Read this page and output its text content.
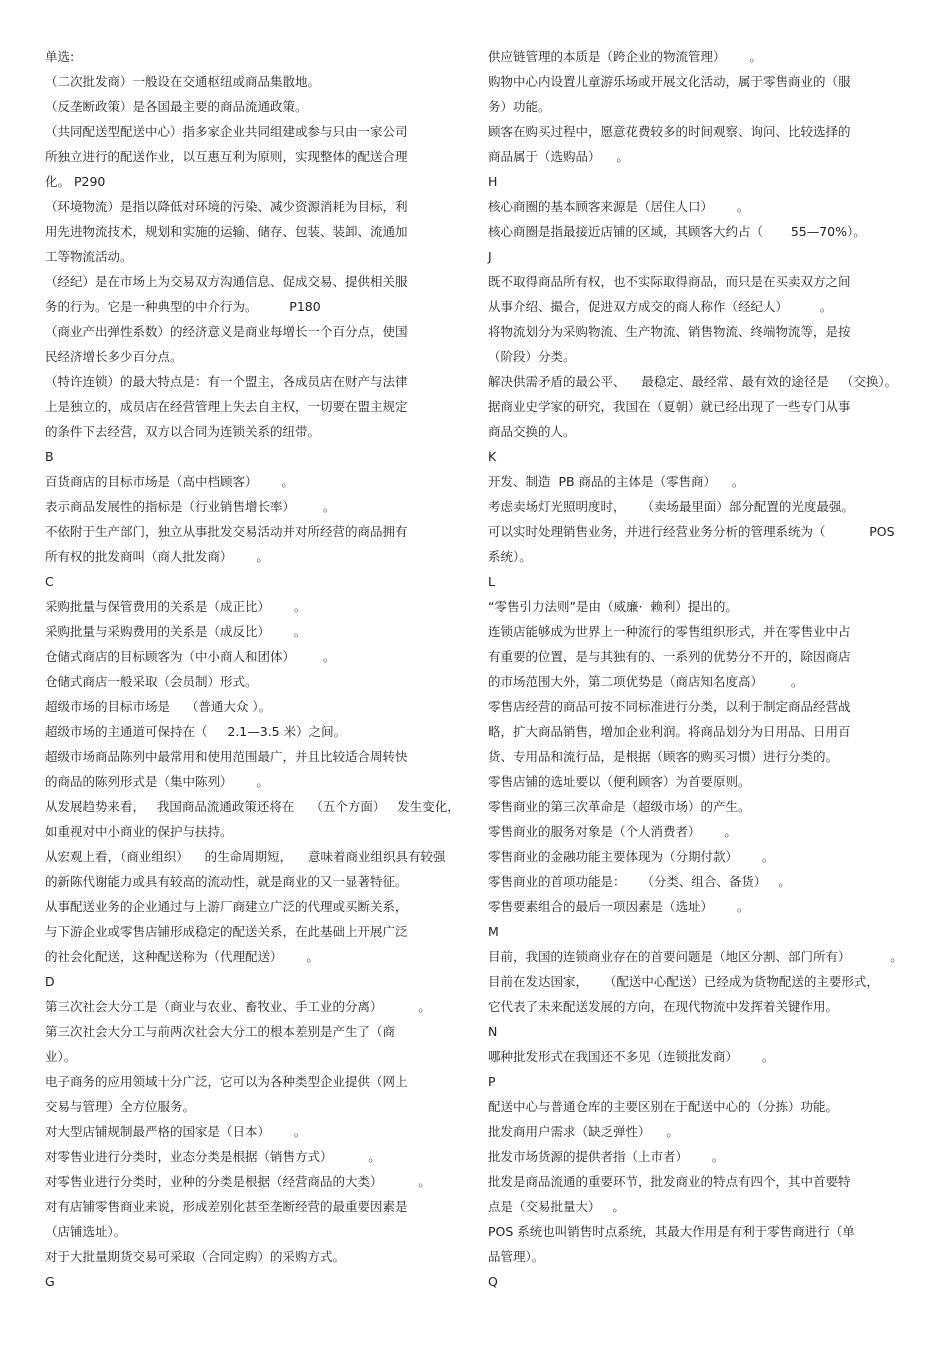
单选:
（二次批发商）一般设在交通枢纽或商品集散地。
（反垄断政策）是各国最主要的商品流通政策。
（共同配送型配送中心）指多家企业共同组建或参与只由一家公司
所独立进行的配送作业，以互惠互利为原则，实现整体的配送合理
化。 P290
（环境物流）是指以降低对环境的污染、减少资源消耗为目标，利
用先进物流技术，规划和实施的运输、储存、包装、装卸、流通加
工等物流活动。
（经纪）是在市场上为交易双方沟通信息、促成交易、提供相关服
务的行为。它是一种典型的中介行为。        P180
（商业产出弹性系数）的经济意义是商业每增长一个百分点，使国
民经济增长多少百分点。
（特许连锁）的最大特点是：有一个盟主，各成员店在财产与法律
上是独立的，成员店在经营管理上失去自主权，一切要在盟主规定
的条件下去经营，双方以合同为连锁关系的纽带。
B
百货商店的目标市场是（高中档顾客）      。
表示商品发展性的指标是（行业销售增长率）       。
不依附于生产部门，独立从事批发交易活动并对所经营的商品拥有
所有权的批发商叫（商人批发商）      。
C
采购批量与保管费用的关系是（成正比）      。
采购批量与采购费用的关系是（成反比）      。
仓储式商店的目标顾客为（中小商人和团体）       。
仓储式商店一般采取（会员制）形式。
超级市场的目标市场是    （普通大众 ）。
超级市场的主通道可保持在（     2.1—3.5 米）之间。
超级市场商品陈列中最常用和使用范围最广，并且比较适合周转快
的商品的陈列形式是（集中陈列）      。
从发展趋势来看，   我国商品流通政策还将在    （五个方面）   发生变化，
如重视对中小商业的保护与扶持。
从宏观上看，（商业组织）    的生命周期短，    意味着商业组织具有较强
的新陈代谢能力或具有较高的流动性，就是商业的又一显著特征。
从事配送业务的企业通过与上游厂商建立广泛的代理或买断关系，
与下游企业或零售店铺形成稳定的配送关系，在此基础上开展广泛
的社会化配送，这种配送称为（代理配送）      。
D
第三次社会大分工是（商业与农业、畜牧业、手工业的分离）         。
第三次社会大分工与前两次社会大分工的根本差别是产生了（商
业）。
电子商务的应用领域十分广泛，它可以为各种类型企业提供（网上
交易与管理）全方位服务。
对大型店铺规制最严格的国家是（日本）      。
对零售业进行分类时，业态分类是根据（销售方式）         。
对零售业进行分类时，业种的分类是根据（经营商品的大类）         。
对有店铺零售商业来说，形成差别化甚至垄断经营的最重要因素是
（店铺选址）。
对于大批量期货交易可采取（合同定购）的采购方式。
G
供应链管理的本质是（跨企业的物流管理）      。
购物中心内设置儿童游乐场或开展文化活动，属于零售商业的（服
务）功能。
顾客在购买过程中，愿意花费较多的时间观察、询问、比较选择的
商品属于（选购品）    。
H
核心商圈的基本顾客来源是（居住人口）      。
核心商圈是指最接近店铺的区域，其顾客大约占（       55—70%）。
J
既不取得商品所有权，也不实际取得商品，而只是在买卖双方之间
从事介绍、撮合，促进双方成交的商人称作（经纪人）        。
将物流划分为采购物流、生产物流、销售物流、终端物流等，是按
（阶段）分类。
解决供需矛盾的最公平、    最稳定、最经常、最有效的途径是   （交换）。
据商业史学家的研究，我国在（夏朝）就已经出现了一些专门从事
商品交换的人。
K
开发、制造  PB 商品的主体是（零售商）    。
考虑卖场灯光照明度时，    （卖场最里面）部分配置的光度最强。
可以实时处理销售业务，并进行经营业务分析的管理系统为（           POS
系统）。
L
“零售引力法则”是由（威廉·  赖利）提出的。
连锁店能够成为世界上一种流行的零售组织形式，并在零售业中占
有重要的位置，是与其独有的、一系列的优势分不开的，除因商店
的市场范围大外，第二项优势是（商店知名度高）       。
零售店经营的商品可按不同标准进行分类，以利于制定商品经营战
略，扩大商品销售，增加企业利润。将商品划分为日用品、日用百
货、专用品和流行品，是根据（顾客的购买习惯）进行分类的。
零售店铺的选址要以（便利顾客）为首要原则。
零售商业的第三次革命是（超级市场）的产生。
零售商业的服务对象是（个人消费者）      。
零售商业的金融功能主要体现为（分期付款）      。
零售商业的首项功能是：    （分类、组合、备货）   。
零售要素组合的最后一项因素是（选址）      。
M
目前，我国的连锁商业存在的首要问题是（地区分割、部门所有）          。
目前在发达国家，    （配送中心配送）已经成为货物配送的主要形式，
它代表了未来配送发展的方向，在现代物流中发挥着关键作用。
N
哪种批发形式在我国还不多见（连锁批发商）      。
P
配送中心与普通仓库的主要区别在于配送中心的（分拣）功能。
批发商用户需求（缺乏弹性）    。
批发市场货源的提供者指（上市者）      。
批发是商品流通的重要环节，批发商业的特点有四个，其中首要特
点是（交易批量大）   。
POS 系统也叫销售时点系统，其最大作用是有利于零售商进行（单
品管理）。
Q
